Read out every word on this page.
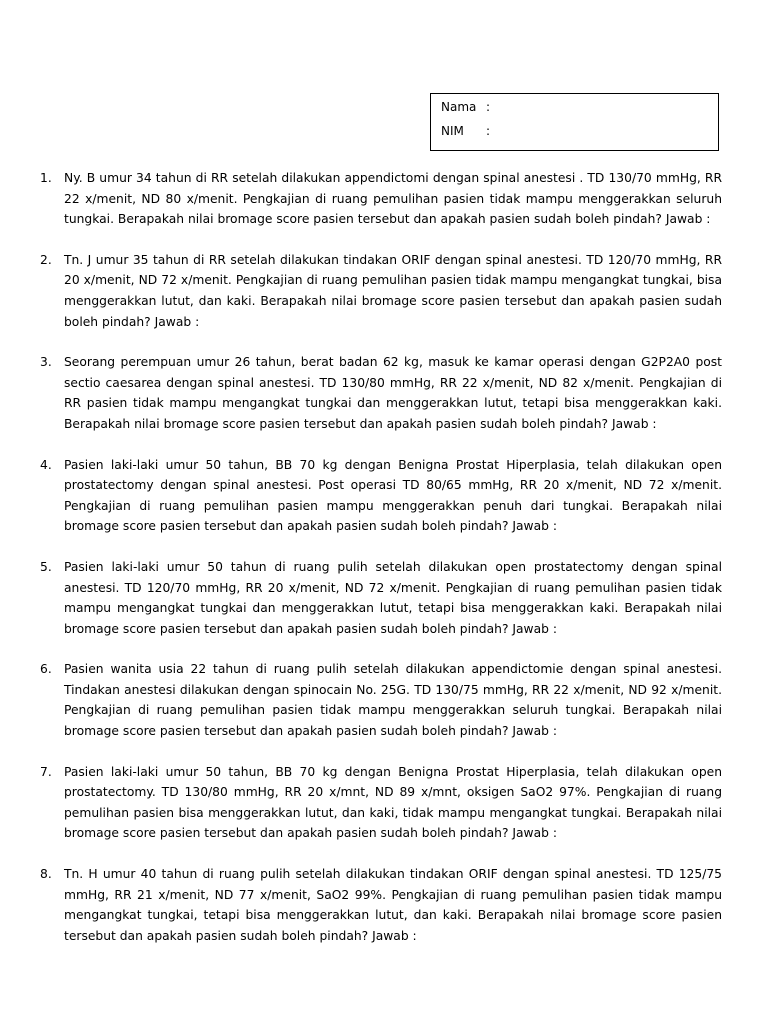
Nama :
NIM :
1. Ny. B umur 34 tahun di RR setelah dilakukan appendictomi dengan spinal anestesi . TD 130/70 mmHg, RR 22 x/menit, ND 80 x/menit. Pengkajian di ruang pemulihan pasien tidak mampu menggerakkan seluruh tungkai. Berapakah nilai bromage score pasien tersebut dan apakah pasien sudah boleh pindah? Jawab :
2. Tn. J umur 35 tahun di RR setelah dilakukan tindakan ORIF dengan spinal anestesi. TD 120/70 mmHg, RR 20 x/menit, ND 72 x/menit. Pengkajian di ruang pemulihan pasien tidak mampu mengangkat tungkai, bisa menggerakkan lutut, dan kaki. Berapakah nilai bromage score pasien tersebut dan apakah pasien sudah boleh pindah? Jawab :
3. Seorang perempuan umur 26 tahun, berat badan 62 kg, masuk ke kamar operasi dengan G2P2A0 post sectio caesarea dengan spinal anestesi. TD 130/80 mmHg, RR 22 x/menit, ND 82 x/menit. Pengkajian di RR pasien tidak mampu mengangkat tungkai dan menggerakkan lutut, tetapi bisa menggerakkan kaki. Berapakah nilai bromage score pasien tersebut dan apakah pasien sudah boleh pindah? Jawab :
4. Pasien laki-laki umur 50 tahun, BB 70 kg dengan Benigna Prostat Hiperplasia, telah dilakukan open prostatectomy dengan spinal anestesi. Post operasi TD 80/65 mmHg, RR 20 x/menit, ND 72 x/menit. Pengkajian di ruang pemulihan pasien mampu menggerakkan penuh dari tungkai. Berapakah nilai bromage score pasien tersebut dan apakah pasien sudah boleh pindah? Jawab :
5. Pasien laki-laki umur 50 tahun di ruang pulih setelah dilakukan open prostatectomy dengan spinal anestesi. TD 120/70 mmHg, RR 20 x/menit, ND 72 x/menit. Pengkajian di ruang pemulihan pasien tidak mampu mengangkat tungkai dan menggerakkan lutut, tetapi bisa menggerakkan kaki. Berapakah nilai bromage score pasien tersebut dan apakah pasien sudah boleh pindah? Jawab :
6. Pasien wanita usia 22 tahun di ruang pulih setelah dilakukan appendictomie dengan spinal anestesi. Tindakan anestesi dilakukan dengan spinocain No. 25G. TD 130/75 mmHg, RR 22 x/menit, ND 92 x/menit. Pengkajian di ruang pemulihan pasien tidak mampu menggerakkan seluruh tungkai. Berapakah nilai bromage score pasien tersebut dan apakah pasien sudah boleh pindah? Jawab :
7. Pasien laki-laki umur 50 tahun, BB 70 kg dengan Benigna Prostat Hiperplasia, telah dilakukan open prostatectomy. TD 130/80 mmHg, RR 20 x/mnt, ND 89 x/mnt, oksigen SaO2 97%. Pengkajian di ruang pemulihan pasien bisa menggerakkan lutut, dan kaki, tidak mampu mengangkat tungkai. Berapakah nilai bromage score pasien tersebut dan apakah pasien sudah boleh pindah? Jawab :
8. Tn. H umur 40 tahun di ruang pulih setelah dilakukan tindakan ORIF dengan spinal anestesi. TD 125/75 mmHg, RR 21 x/menit, ND 77 x/menit, SaO2 99%. Pengkajian di ruang pemulihan pasien tidak mampu mengangkat tungkai, tetapi bisa menggerakkan lutut, dan kaki. Berapakah nilai bromage score pasien tersebut dan apakah pasien sudah boleh pindah? Jawab :
